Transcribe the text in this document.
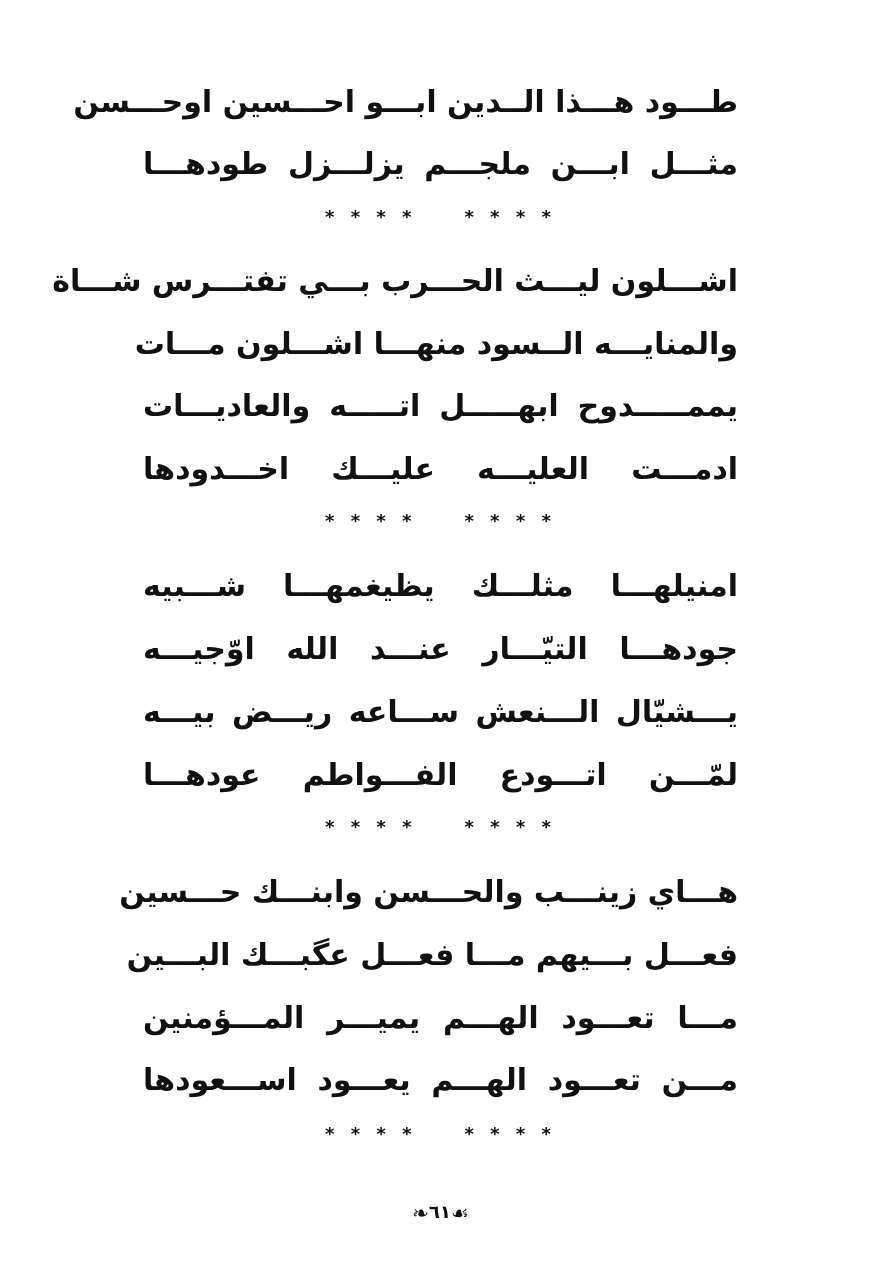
طـــود هـــذا الــدين ابـــو احـــسين اوحـــسن
مثـــل ابـــن ملجـــم يزلـــزل طودهـــا
* * * *	* * * *
اشـــلون ليـــث الحـــرب بـــي تفتـــرس شـــاة
والمنايـــه الــسود منهـــا اشـــلون مـــات
يممـــــدوح ابهـــــل اتـــــه والعاديـــات
ادمـــت العليـــه عليـــك اخـــدودها
* * * *	* * * *
امنيلهـــا مثلـــك يظيغمهـــا شـــبيه
جودهـــا التيّـــار عنـــد الله اوّجيـــه
يـــشيّال الـــنعش ســـاعه ريـــض بيـــه
لمّـــن اتـــودع الفـــواطم عودهـــا
* * * *	* * * *
هـــاي زينـــب والحـــسن وابنـــك حـــسين
فعـــل بـــيهم مـــا فعـــل عگبـــك البـــين
مـــا تعـــود الهـــم يميـــر المـــؤمنين
مـــن تعـــود الهـــم يعـــود اســـعودها
* * * *	* * * *
☙٦١❧
